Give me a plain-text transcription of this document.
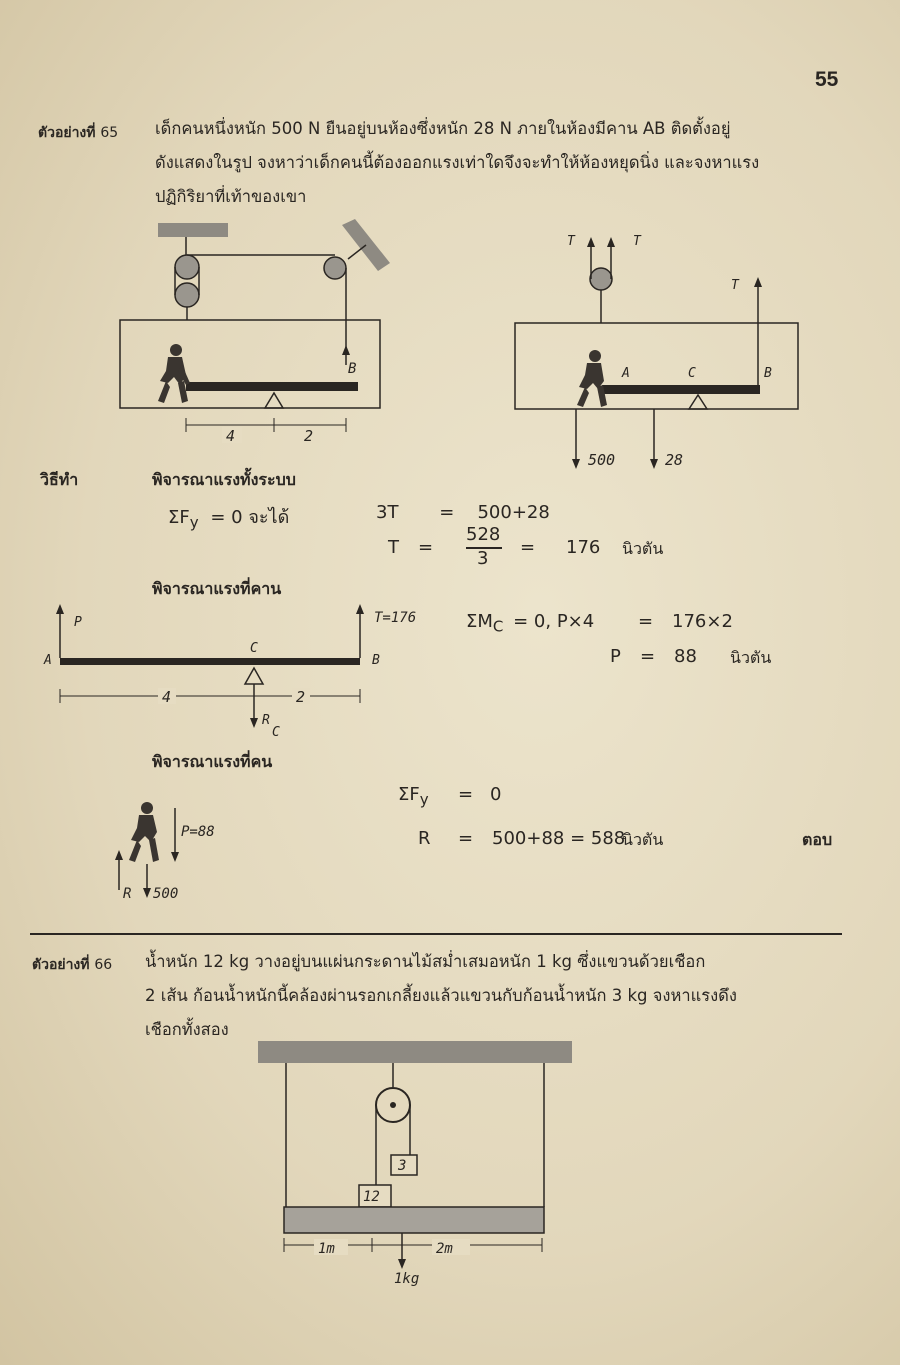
55
ตัวอย่างที่ 65 เด็กคนหนึ่งหนัก 500 N ยืนอยู่บนห้องซึ่งหนัก 28 N ภายในห้องมีคาน AB ติดตั้งอยู่
ดังแสดงในรูป จงหาว่าเด็กคนนี้ต้องออกแรงเท่าใดจึงจะทำให้ห้องหยุดนิ่ง และจงหาแรง
ปฏิกิริยาที่เท้าของเขา
B
4	2
T	T
T
A	C	B
500	28
วิธีทำ	พิจารณาแรงทั้งระบบ
$\Sigma F_y = 0$ จะได้	3T = 500+28
T =
528
3
= 176 นิวตัน
พิจารณาแรงที่คาน
P
C
A	B
4	2
R
C
T=176	$\Sigma M_C = 0$, P×4 = 176×2
P = 88 นิวตัน
พิจารณาแรงที่คน
P=88
R 500
$\Sigma F_y = 0$
R = 500+88 = 588
นิวตัน	ตอบ
ตัวอย่างที่ 66 น้ำหนัก 12 kg วางอยู่บนแผ่นกระดานไม้สม่ำเสมอหนัก 1 kg ซึ่งแขวนด้วยเชือก
2 เส้น ก้อนน้ำหนักนี้คล้องผ่านรอกเกลี้ยงแล้วแขวนกับก้อนน้ำหนัก 3 kg จงหาแรงดึง
เชือกทั้งสอง
3
12
1m	2m
1kg
